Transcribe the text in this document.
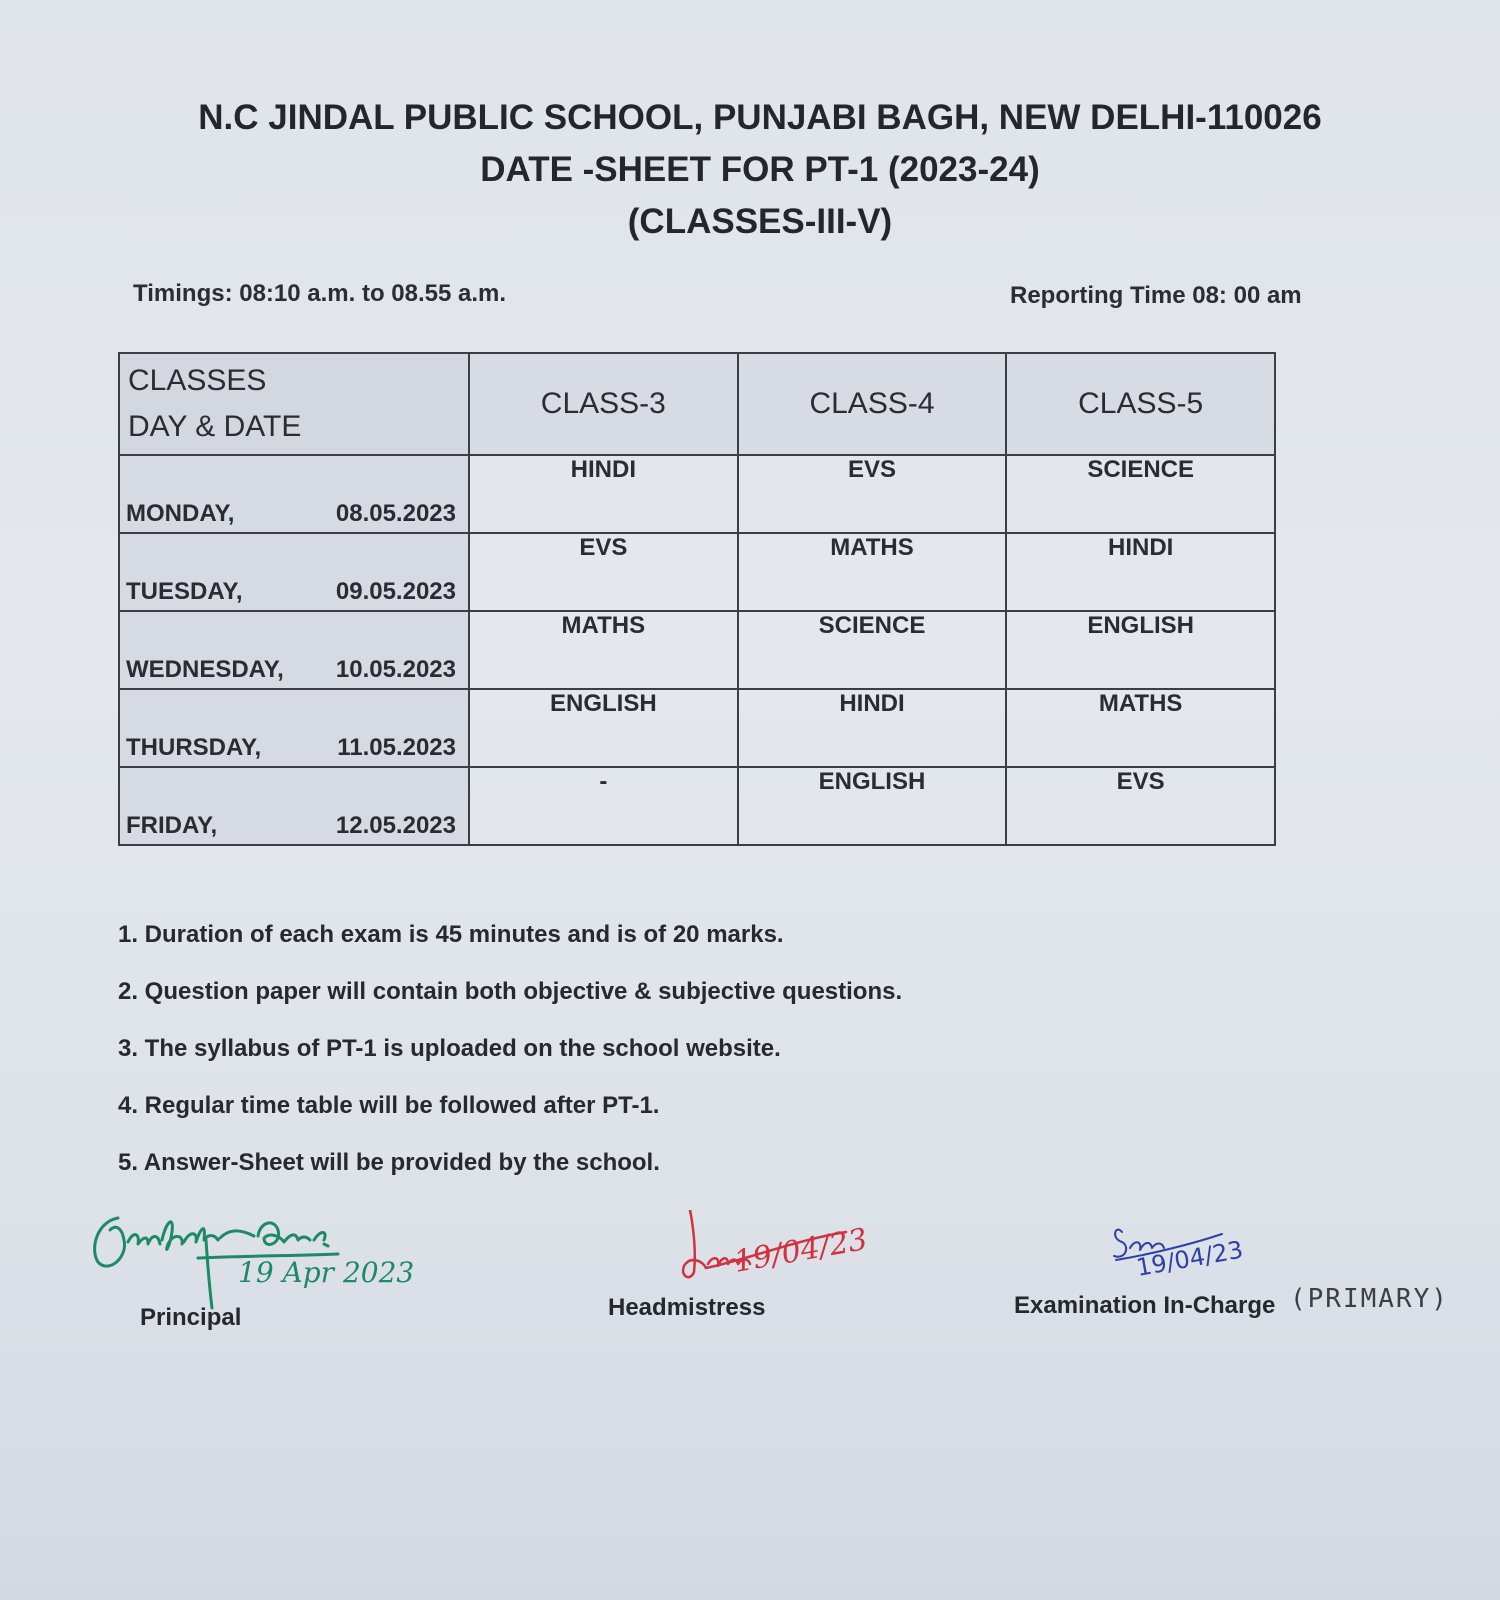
N.C JINDAL PUBLIC SCHOOL, PUNJABI BAGH, NEW DELHI-110026
DATE -SHEET FOR PT-1 (2023-24)
(CLASSES-III-V)
Timings: 08:10 a.m. to 08.55 a.m.	Reporting Time 08: 00 am
CLASSES
DAY & DATE	CLASS-3	CLASS-4	CLASS-5

MONDAY, 08.05.2023	HINDI	EVS	SCIENCE

TUESDAY, 09.05.2023	EVS	MATHS	HINDI

WEDNESDAY, 10.05.2023	MATHS	SCIENCE	ENGLISH

THURSDAY, 11.05.2023	ENGLISH	HINDI	MATHS

FRIDAY, 12.05.2023	-	ENGLISH	EVS
1. Duration of each exam is 45 minutes and is of 20 marks.
2. Question paper will contain both objective & subjective questions.
3. The syllabus of PT-1 is uploaded on the school website.
4. Regular time table will be followed after PT-1.
5. Answer-Sheet will be provided by the school.
19 Apr 2023	19/04/23	19/04/23
Principal	Headmistress	Examination In-Charge (PRIMARY)
